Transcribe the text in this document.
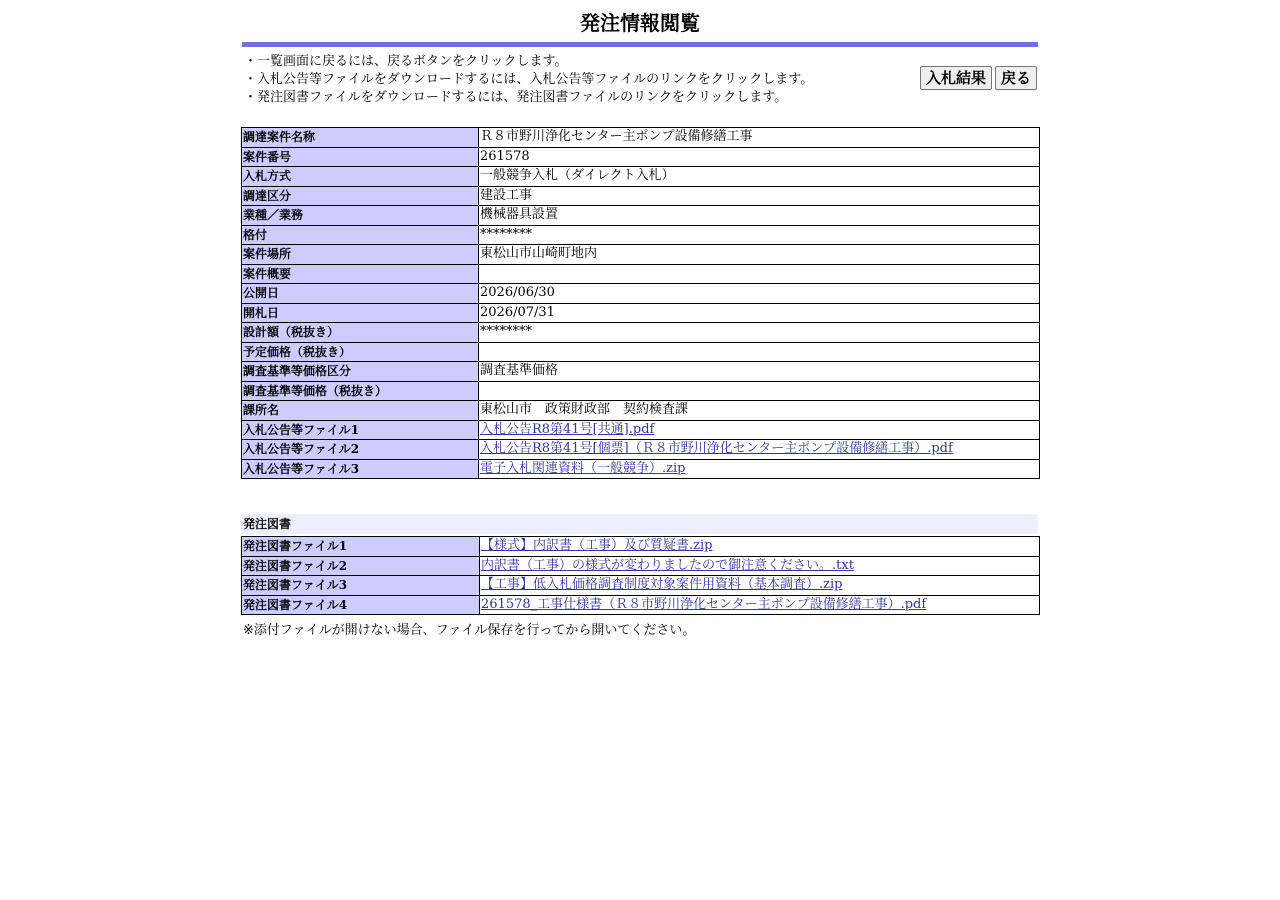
発注情報閲覧
・一覧画面に戻るには、戻るボタンをクリックします。
・入札公告等ファイルをダウンロードするには、入札公告等ファイルのリンクをクリックします。
・発注図書ファイルをダウンロードするには、発注図書ファイルのリンクをクリックします。
入札結果	戻る
調達案件名称	Ｒ８市野川浄化センター主ポンプ設備修繕工事
案件番号	261578
入札方式	一般競争入札（ダイレクト入札）
調達区分	建設工事
業種／業務	機械器具設置
格付	********
案件場所	東松山市山崎町地内
案件概要	
公開日	2026/06/30
開札日	2026/07/31
設計額（税抜き）	********
予定価格（税抜き）	
調査基準等価格区分	調査基準価格
調査基準等価格（税抜き）	
課所名	東松山市　政策財政部　契約検査課
入札公告等ファイル1	入札公告R8第41号[共通].pdf
入札公告等ファイル2	入札公告R8第41号[個票]（Ｒ８市野川浄化センター主ポンプ設備修繕工事）.pdf
入札公告等ファイル3	電子入札関連資料（一般競争）.zip
発注図書
発注図書ファイル1	【様式】内訳書（工事）及び質疑書.zip
発注図書ファイル2	内訳書（工事）の様式が変わりましたので御注意ください。.txt
発注図書ファイル3	【工事】低入札価格調査制度対象案件用資料（基本調査）.zip
発注図書ファイル4	261578_工事仕様書（Ｒ８市野川浄化センター主ポンプ設備修繕工事）.pdf
※添付ファイルが開けない場合、ファイル保存を行ってから開いてください。
